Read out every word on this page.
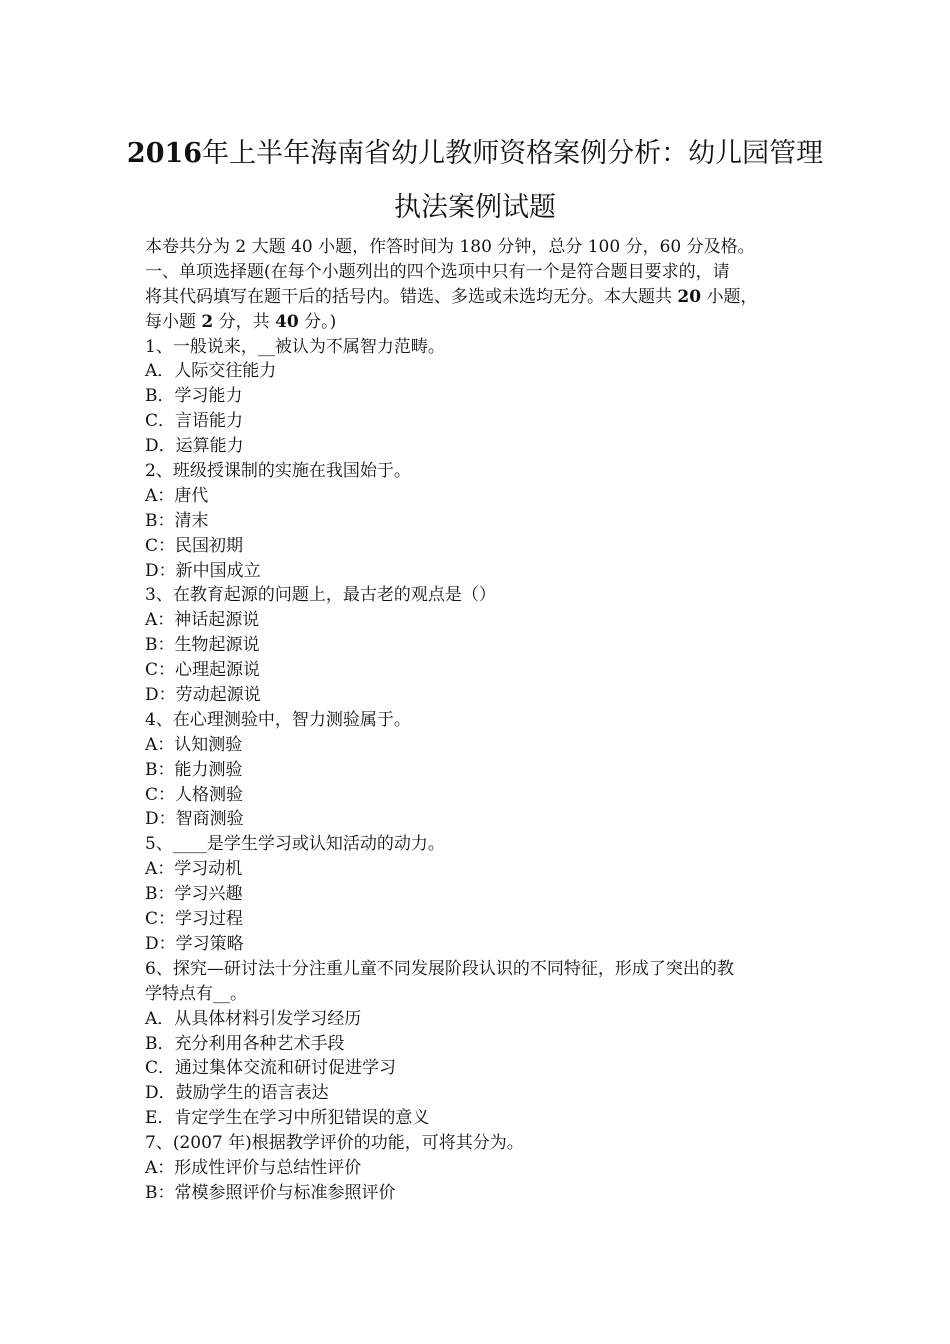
2016年上半年海南省幼儿教师资格案例分析：幼儿园管理
执法案例试题
本卷共分为 2 大题 40 小题，作答时间为 180 分钟，总分 100 分，60 分及格。
一、单项选择题(在每个小题列出的四个选项中只有一个是符合题目要求的，请
将其代码填写在题干后的括号内。错选、多选或未选均无分。本大题共 20 小题，
每小题 2 分，共 40 分。)
1、一般说来，__被认为不属智力范畴。
A．人际交往能力
B．学习能力
C．言语能力
D．运算能力
2、班级授课制的实施在我国始于。
A：唐代
B：清末
C：民国初期
D：新中国成立
3、在教育起源的问题上，最古老的观点是（）
A：神话起源说
B：生物起源说
C：心理起源说
D：劳动起源说
4、在心理测验中，智力测验属于。
A：认知测验
B：能力测验
C：人格测验
D：智商测验
5、____是学生学习或认知活动的动力。
A：学习动机
B：学习兴趣
C：学习过程
D：学习策略
6、探究—研讨法十分注重儿童不同发展阶段认识的不同特征，形成了突出的教
学特点有__。
A．从具体材料引发学习经历
B．充分利用各种艺术手段
C．通过集体交流和研讨促进学习
D．鼓励学生的语言表达
E．肯定学生在学习中所犯错误的意义
7、(2007 年)根据教学评价的功能，可将其分为。
A：形成性评价与总结性评价
B：常模参照评价与标准参照评价
